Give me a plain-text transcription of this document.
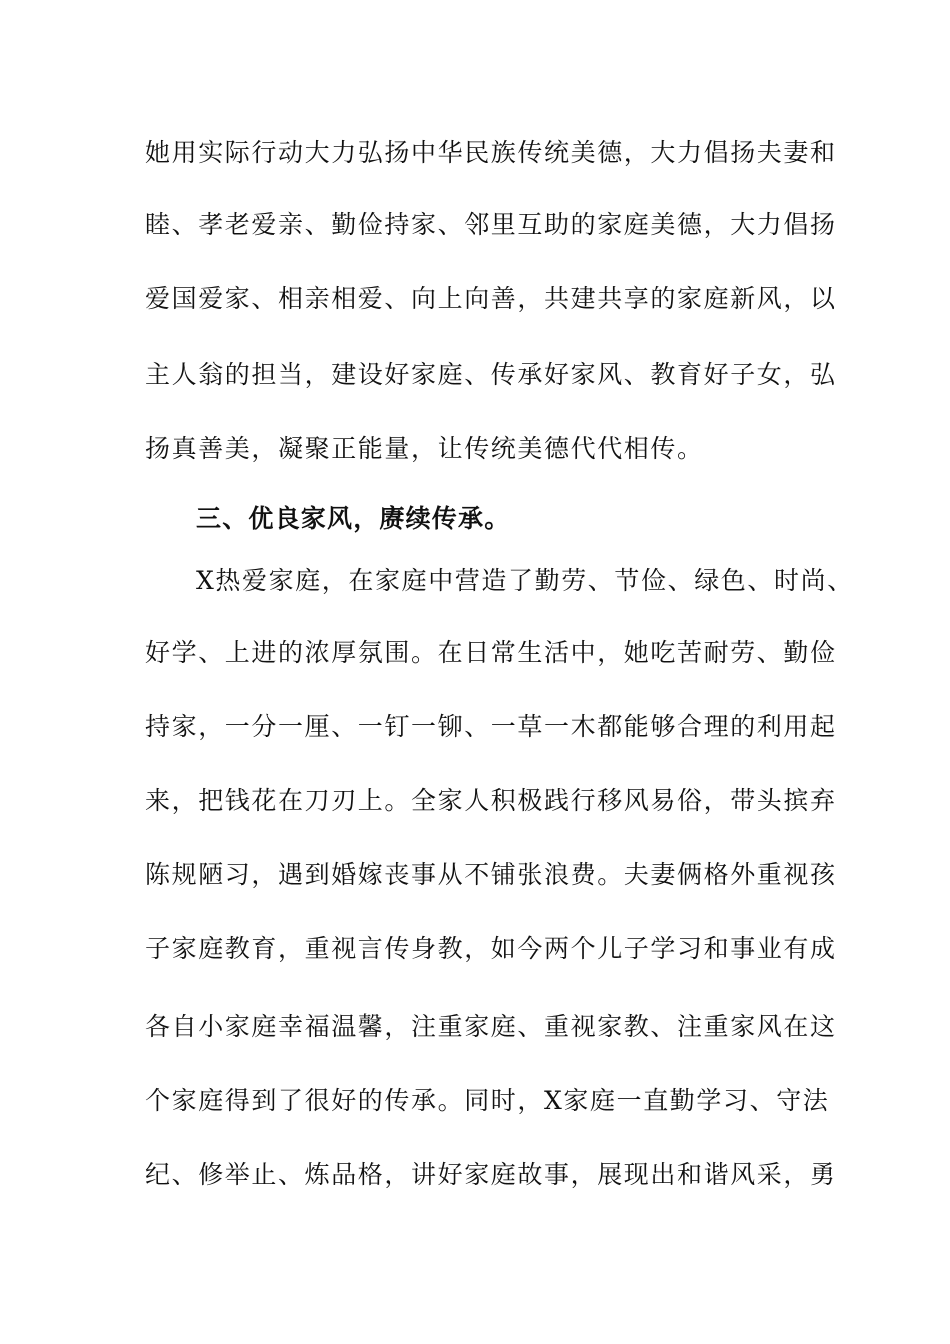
她用实际行动大力弘扬中华民族传统美德，大力倡扬夫妻和

睦、孝老爱亲、勤俭持家、邻里互助的家庭美德，大力倡扬

爱国爱家、相亲相爱、向上向善，共建共享的家庭新风，以

主人翁的担当，建设好家庭、传承好家风、教育好子女，弘

扬真善美，凝聚正能量，让传统美德代代相传。

三、优良家风，赓续传承。

X热爱家庭，在家庭中营造了勤劳、节俭、绿色、时尚、

好学、上进的浓厚氛围。在日常生活中，她吃苦耐劳、勤俭

持家，一分一厘、一钉一铆、一草一木都能够合理的利用起

来，把钱花在刀刃上。全家人积极践行移风易俗，带头摈弃

陈规陋习，遇到婚嫁丧事从不铺张浪费。夫妻俩格外重视孩

子家庭教育，重视言传身教，如今两个儿子学习和事业有成

各自小家庭幸福温馨，注重家庭、重视家教、注重家风在这

个家庭得到了很好的传承。同时，X家庭一直勤学习、守法

纪、修举止、炼品格，讲好家庭故事，展现出和谐风采，勇
